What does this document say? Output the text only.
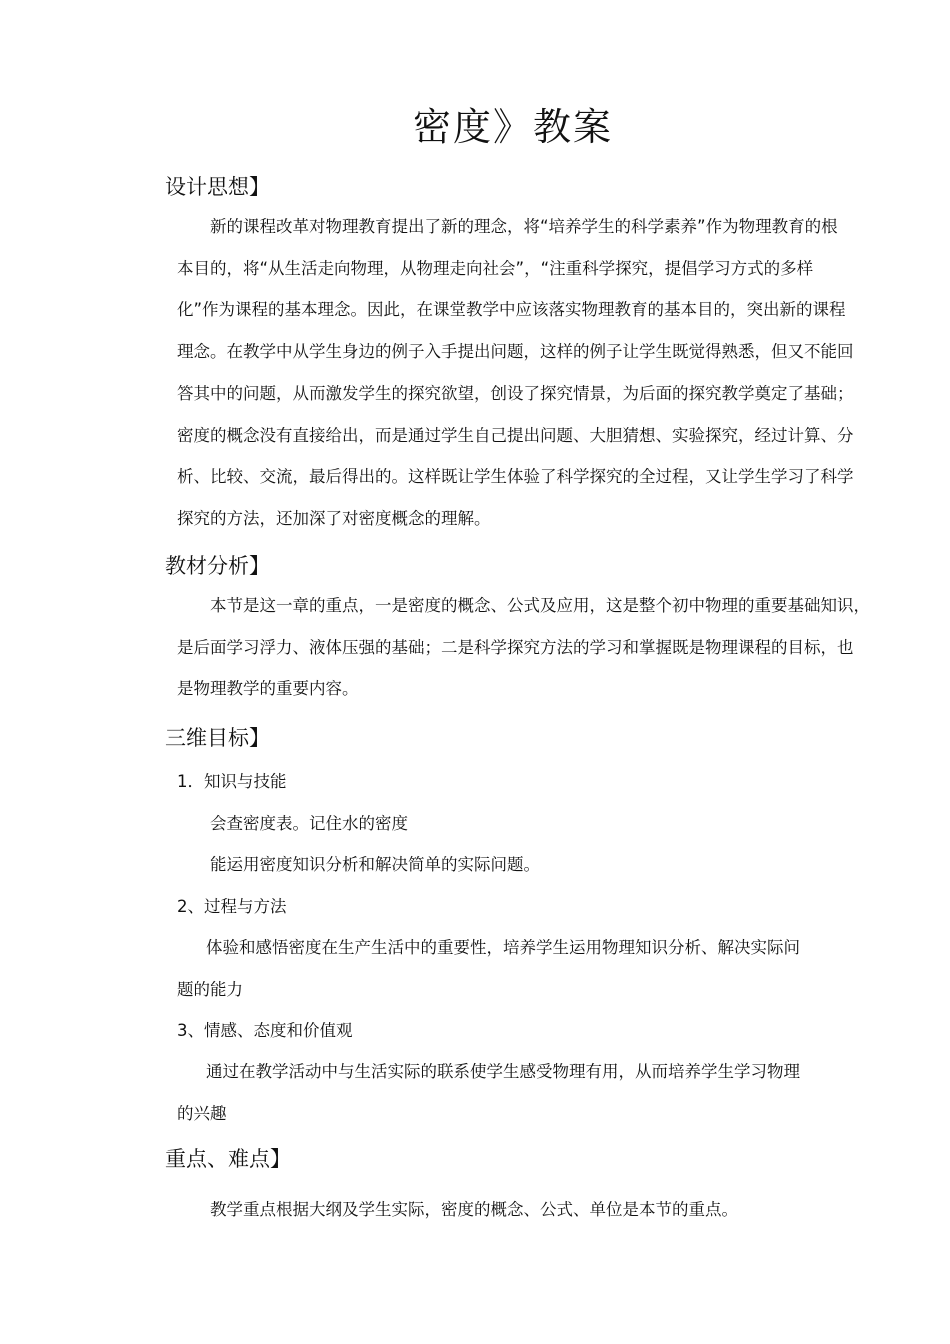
密度》教案
设计思想】
新的课程改革对物理教育提出了新的理念，将“培养学生的科学素养”作为物理教育的根
本目的，将“从生活走向物理，从物理走向社会”，“注重科学探究，提倡学习方式的多样
化”作为课程的基本理念。因此，在课堂教学中应该落实物理教育的基本目的，突出新的课程
理念。在教学中从学生身边的例子入手提出问题，这样的例子让学生既觉得熟悉，但又不能回
答其中的问题，从而激发学生的探究欲望，创设了探究情景，为后面的探究教学奠定了基础；
密度的概念没有直接给出，而是通过学生自己提出问题、大胆猜想、实验探究，经过计算、分
析、比较、交流，最后得出的。这样既让学生体验了科学探究的全过程，又让学生学习了科学
探究的方法，还加深了对密度概念的理解。
教材分析】
本节是这一章的重点，一是密度的概念、公式及应用，这是整个初中物理的重要基础知识，
是后面学习浮力、液体压强的基础；二是科学探究方法的学习和掌握既是物理课程的目标，也
是物理教学的重要内容。
三维目标】
1．知识与技能
会查密度表。记住水的密度
能运用密度知识分析和解决简单的实际问题。
2、过程与方法
体验和感悟密度在生产生活中的重要性，培养学生运用物理知识分析、解决实际问
题的能力
3、情感、态度和价值观
通过在教学活动中与生活实际的联系使学生感受物理有用，从而培养学生学习物理
的兴趣
重点、难点】
教学重点根据大纲及学生实际，密度的概念、公式、单位是本节的重点。
